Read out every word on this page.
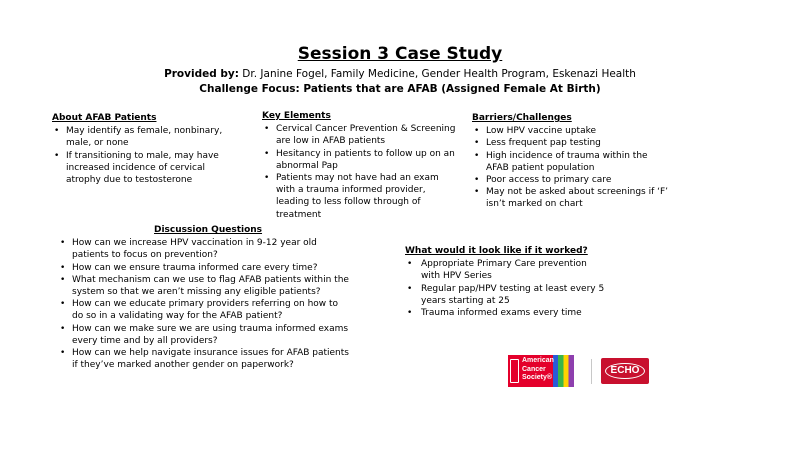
Session 3 Case Study
Provided by: Dr. Janine Fogel, Family Medicine, Gender Health Program, Eskenazi Health
Challenge Focus: Patients that are AFAB (Assigned Female At Birth)
About AFAB Patients
• May identify as female, nonbinary, male, or none
• If transitioning to male, may have increased incidence of cervical atrophy due to testosterone
Key Elements
• Cervical Cancer Prevention & Screening are low in AFAB patients
• Hesitancy in patients to follow up on an abnormal Pap
• Patients may not have had an exam with a trauma informed provider, leading to less follow through of treatment
Barriers/Challenges
• Low HPV vaccine uptake
• Less frequent pap testing
• High incidence of trauma within the AFAB patient population
• Poor access to primary care
• May not be asked about screenings if ‘F’ isn’t marked on chart
Discussion Questions
• How can we increase HPV vaccination in 9-12 year old patients to focus on prevention?
• How can we ensure trauma informed care every time?
• What mechanism can we use to flag AFAB patients within the system so that we aren’t missing any eligible patients?
• How can we educate primary providers referring on how to do so in a validating way for the AFAB patient?
• How can we make sure we are using trauma informed exams every time and by all providers?
• How can we help navigate insurance issues for AFAB patients if they’ve marked another gender on paperwork?
What would it look like if it worked?
• Appropriate Primary Care prevention with HPV Series
• Regular pap/HPV testing at least every 5 years starting at 25
• Trauma informed exams every time
American
Cancer
Society®
ECHO
